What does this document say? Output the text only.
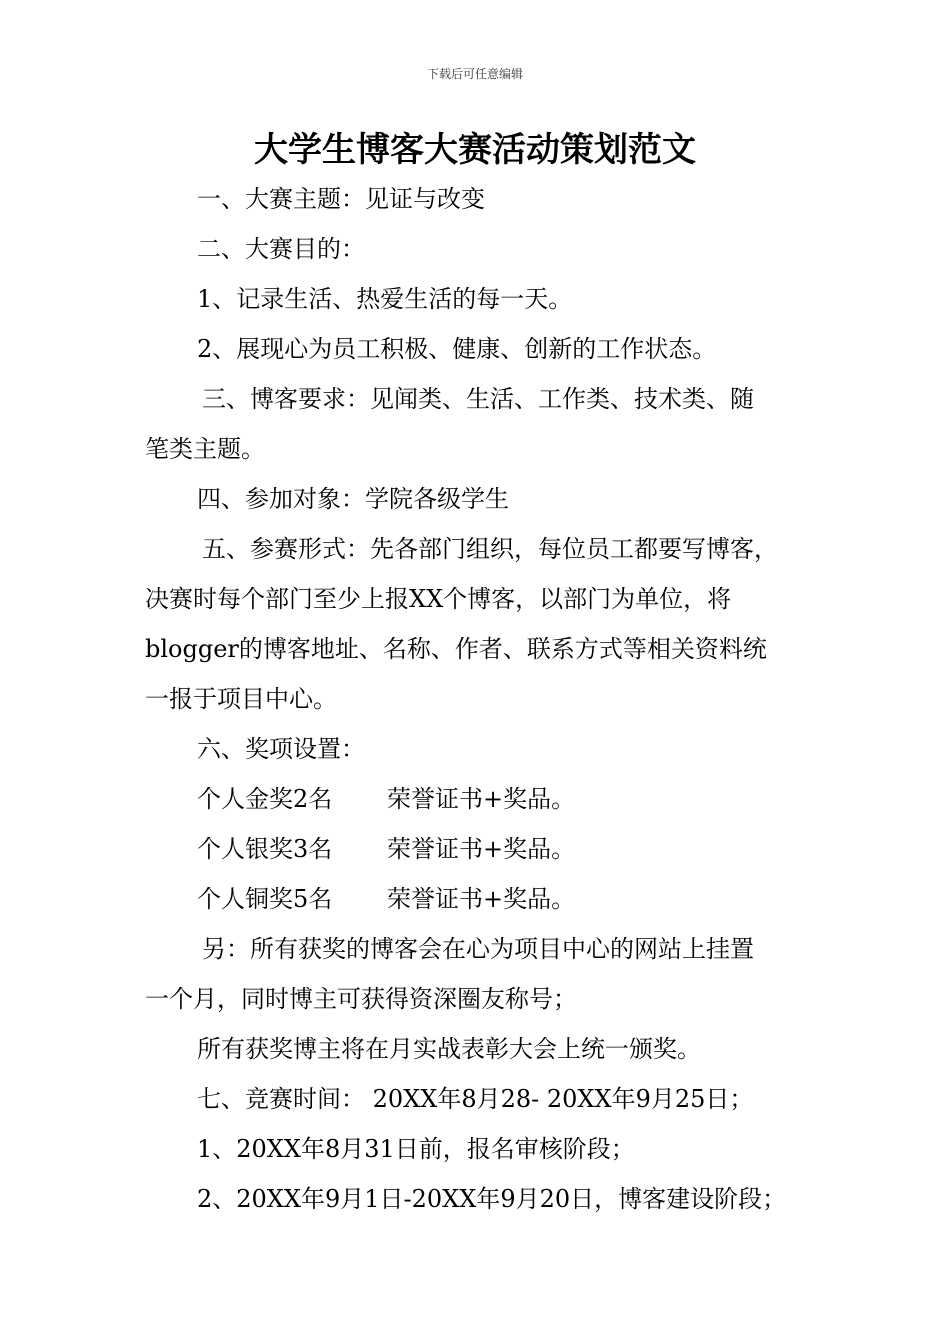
下载后可任意编辑
大学生博客大赛活动策划范文

一、大赛主题：见证与改变

二、大赛目的：

1、记录生活、热爱生活的每一天。

2、展现心为员工积极、健康、创新的工作状态。

三、博客要求：见闻类、生活、工作类、技术类、随

笔类主题。

四、参加对象：学院各级学生

五、参赛形式：先各部门组织，每位员工都要写博客，

决赛时每个部门至少上报XX个博客，以部门为单位，将

blogger的博客地址、名称、作者、联系方式等相关资料统

一报于项目中心。

六、奖项设置：

个人金奖2名	荣誉证书+奖品。
个人银奖3名	荣誉证书+奖品。
个人铜奖5名	荣誉证书+奖品。

另：所有获奖的博客会在心为项目中心的网站上挂置

一个月，同时博主可获得资深圈友称号；

所有获奖博主将在月实战表彰大会上统一颁奖。

七、竞赛时间： 20XX年8月28- 20XX年9月25日；

1、20XX年8月31日前，报名审核阶段；

2、20XX年9月1日-20XX年9月20日，博客建设阶段；
